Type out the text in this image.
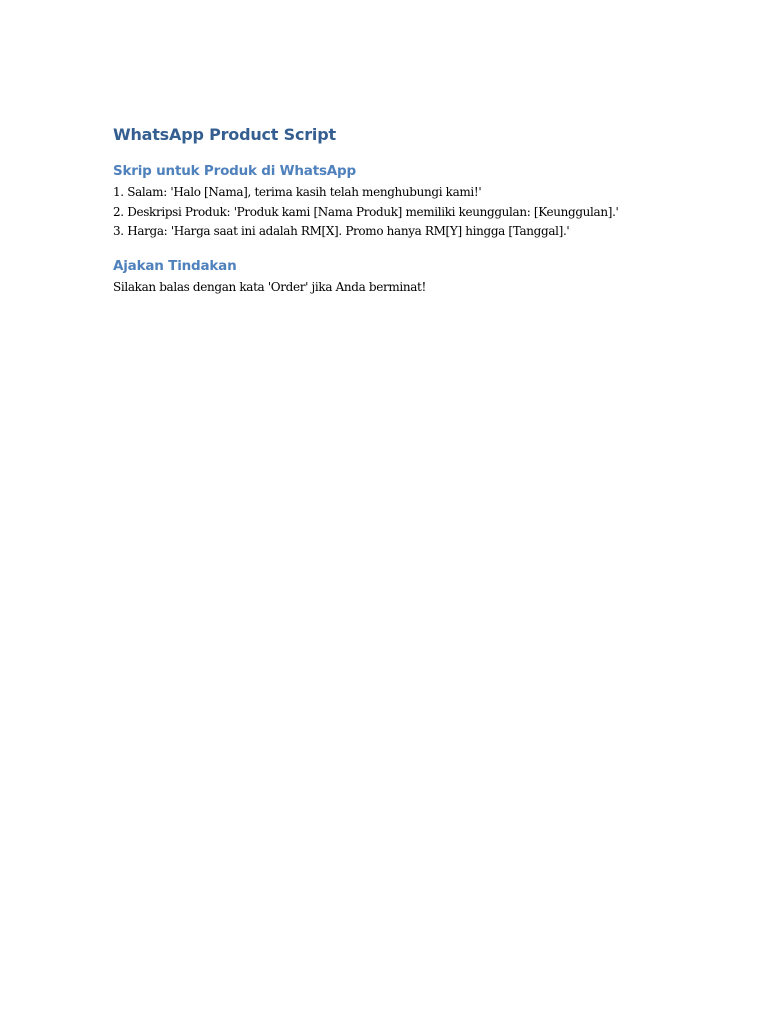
WhatsApp Product Script
Skrip untuk Produk di WhatsApp
1. Salam: 'Halo [Nama], terima kasih telah menghubungi kami!'
2. Deskripsi Produk: 'Produk kami [Nama Produk] memiliki keunggulan: [Keunggulan].'
3. Harga: 'Harga saat ini adalah RM[X]. Promo hanya RM[Y] hingga [Tanggal].'
Ajakan Tindakan

Silakan balas dengan kata 'Order' jika Anda berminat!
